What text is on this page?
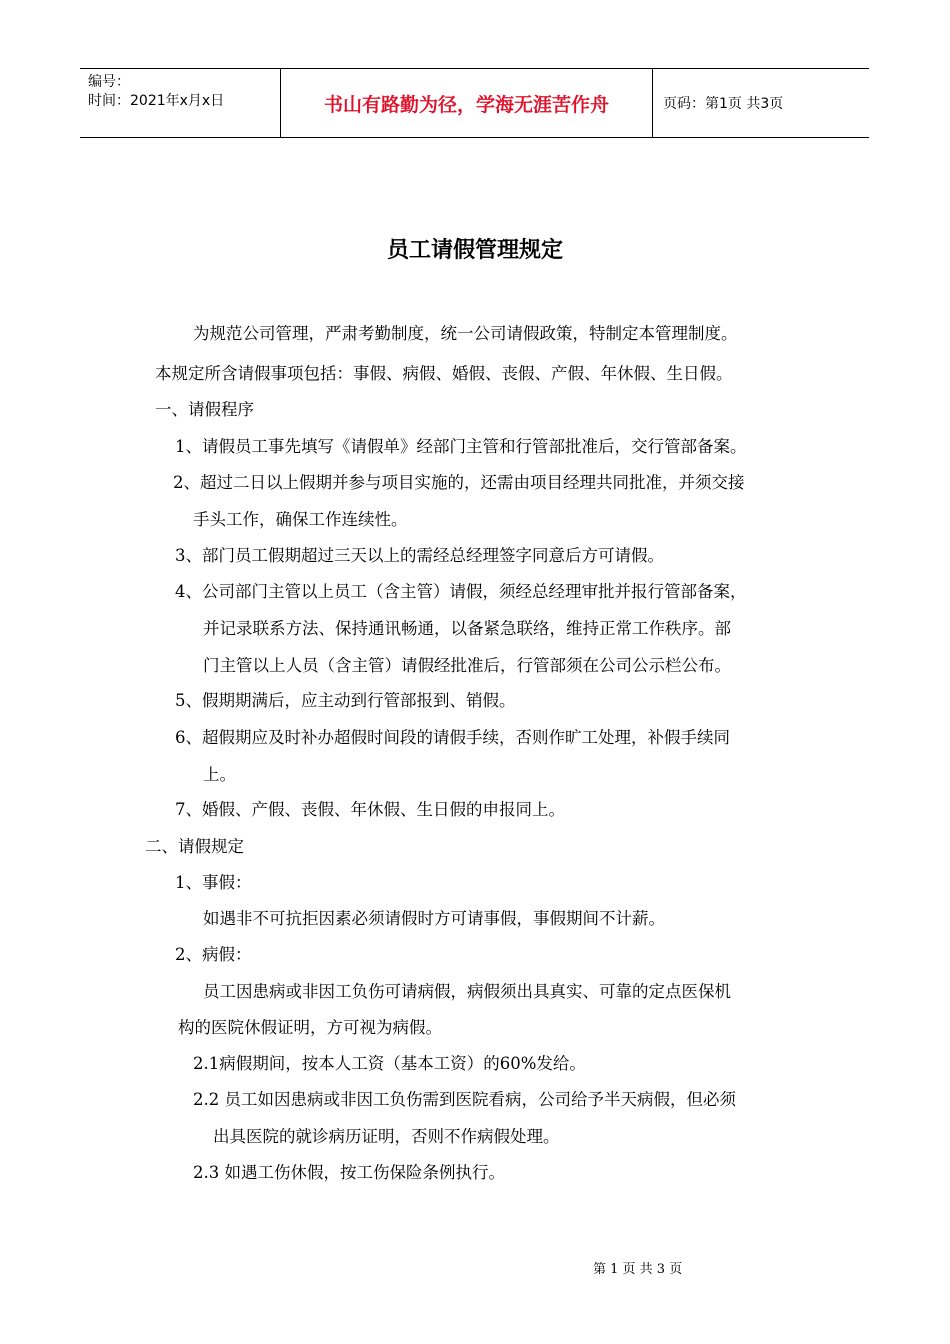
编号：
时间：2021年x月x日	书山有路勤为径，学海无涯苦作舟	页码：第1页 共3页
员工请假管理规定
为规范公司管理，严肃考勤制度，统一公司请假政策，特制定本管理制度。
本规定所含请假事项包括：事假、病假、婚假、丧假、产假、年休假、生日假。
一、请假程序
1、请假员工事先填写《请假单》经部门主管和行管部批准后，交行管部备案。
2、超过二日以上假期并参与项目实施的，还需由项目经理共同批准，并须交接
手头工作，确保工作连续性。
3、部门员工假期超过三天以上的需经总经理签字同意后方可请假。
4、公司部门主管以上员工（含主管）请假，须经总经理审批并报行管部备案，
并记录联系方法、保持通讯畅通，以备紧急联络，维持正常工作秩序。部
门主管以上人员（含主管）请假经批准后，行管部须在公司公示栏公布。
5、假期期满后，应主动到行管部报到、销假。
6、超假期应及时补办超假时间段的请假手续，否则作旷工处理，补假手续同
上。
7、婚假、产假、丧假、年休假、生日假的申报同上。
二、请假规定
1、事假：
如遇非不可抗拒因素必须请假时方可请事假，事假期间不计薪。
2、病假：
员工因患病或非因工负伤可请病假，病假须出具真实、可靠的定点医保机
构的医院休假证明，方可视为病假。
2.1病假期间，按本人工资（基本工资）的60%发给。
2.2 员工如因患病或非因工负伤需到医院看病，公司给予半天病假，但必须
出具医院的就诊病历证明，否则不作病假处理。
2.3 如遇工伤休假，按工伤保险条例执行。
第 1 页 共 3 页
